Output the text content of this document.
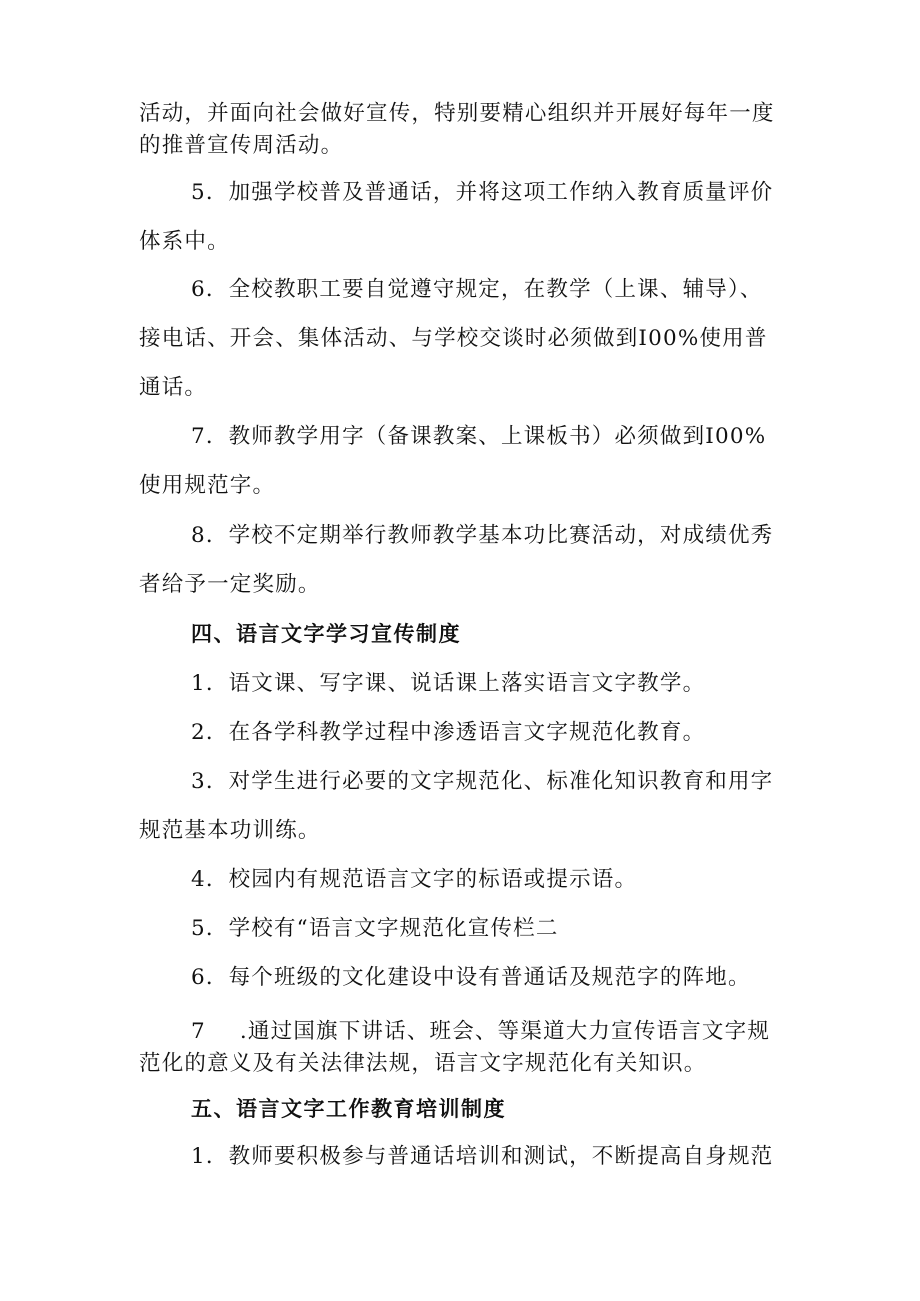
活动，并面向社会做好宣传，特别要精心组织并开展好每年一度
的推普宣传周活动。
5．加强学校普及普通话，并将这项工作纳入教育质量评价
体系中。
6．全校教职工要自觉遵守规定，在教学（上课、辅导）、
接电话、开会、集体活动、与学校交谈时必须做到I00%使用普
通话。
7．教师教学用字（备课教案、上课板书）必须做到I00%
使用规范字。
8．学校不定期举行教师教学基本功比赛活动，对成绩优秀
者给予一定奖励。
四、语言文字学习宣传制度
1．语文课、写字课、说话课上落实语言文字教学。
2．在各学科教学过程中渗透语言文字规范化教育。
3．对学生进行必要的文字规范化、标准化知识教育和用字
规范基本功训练。
4．校园内有规范语言文字的标语或提示语。
5．学校有“语言文字规范化宣传栏二
6．每个班级的文化建设中设有普通话及规范字的阵地。
7 .通过国旗下讲话、班会、等渠道大力宣传语言文字规
范化的意义及有关法律法规，语言文字规范化有关知识。
五、语言文字工作教育培训制度
1．教师要积极参与普通话培训和测试，不断提高自身规范
